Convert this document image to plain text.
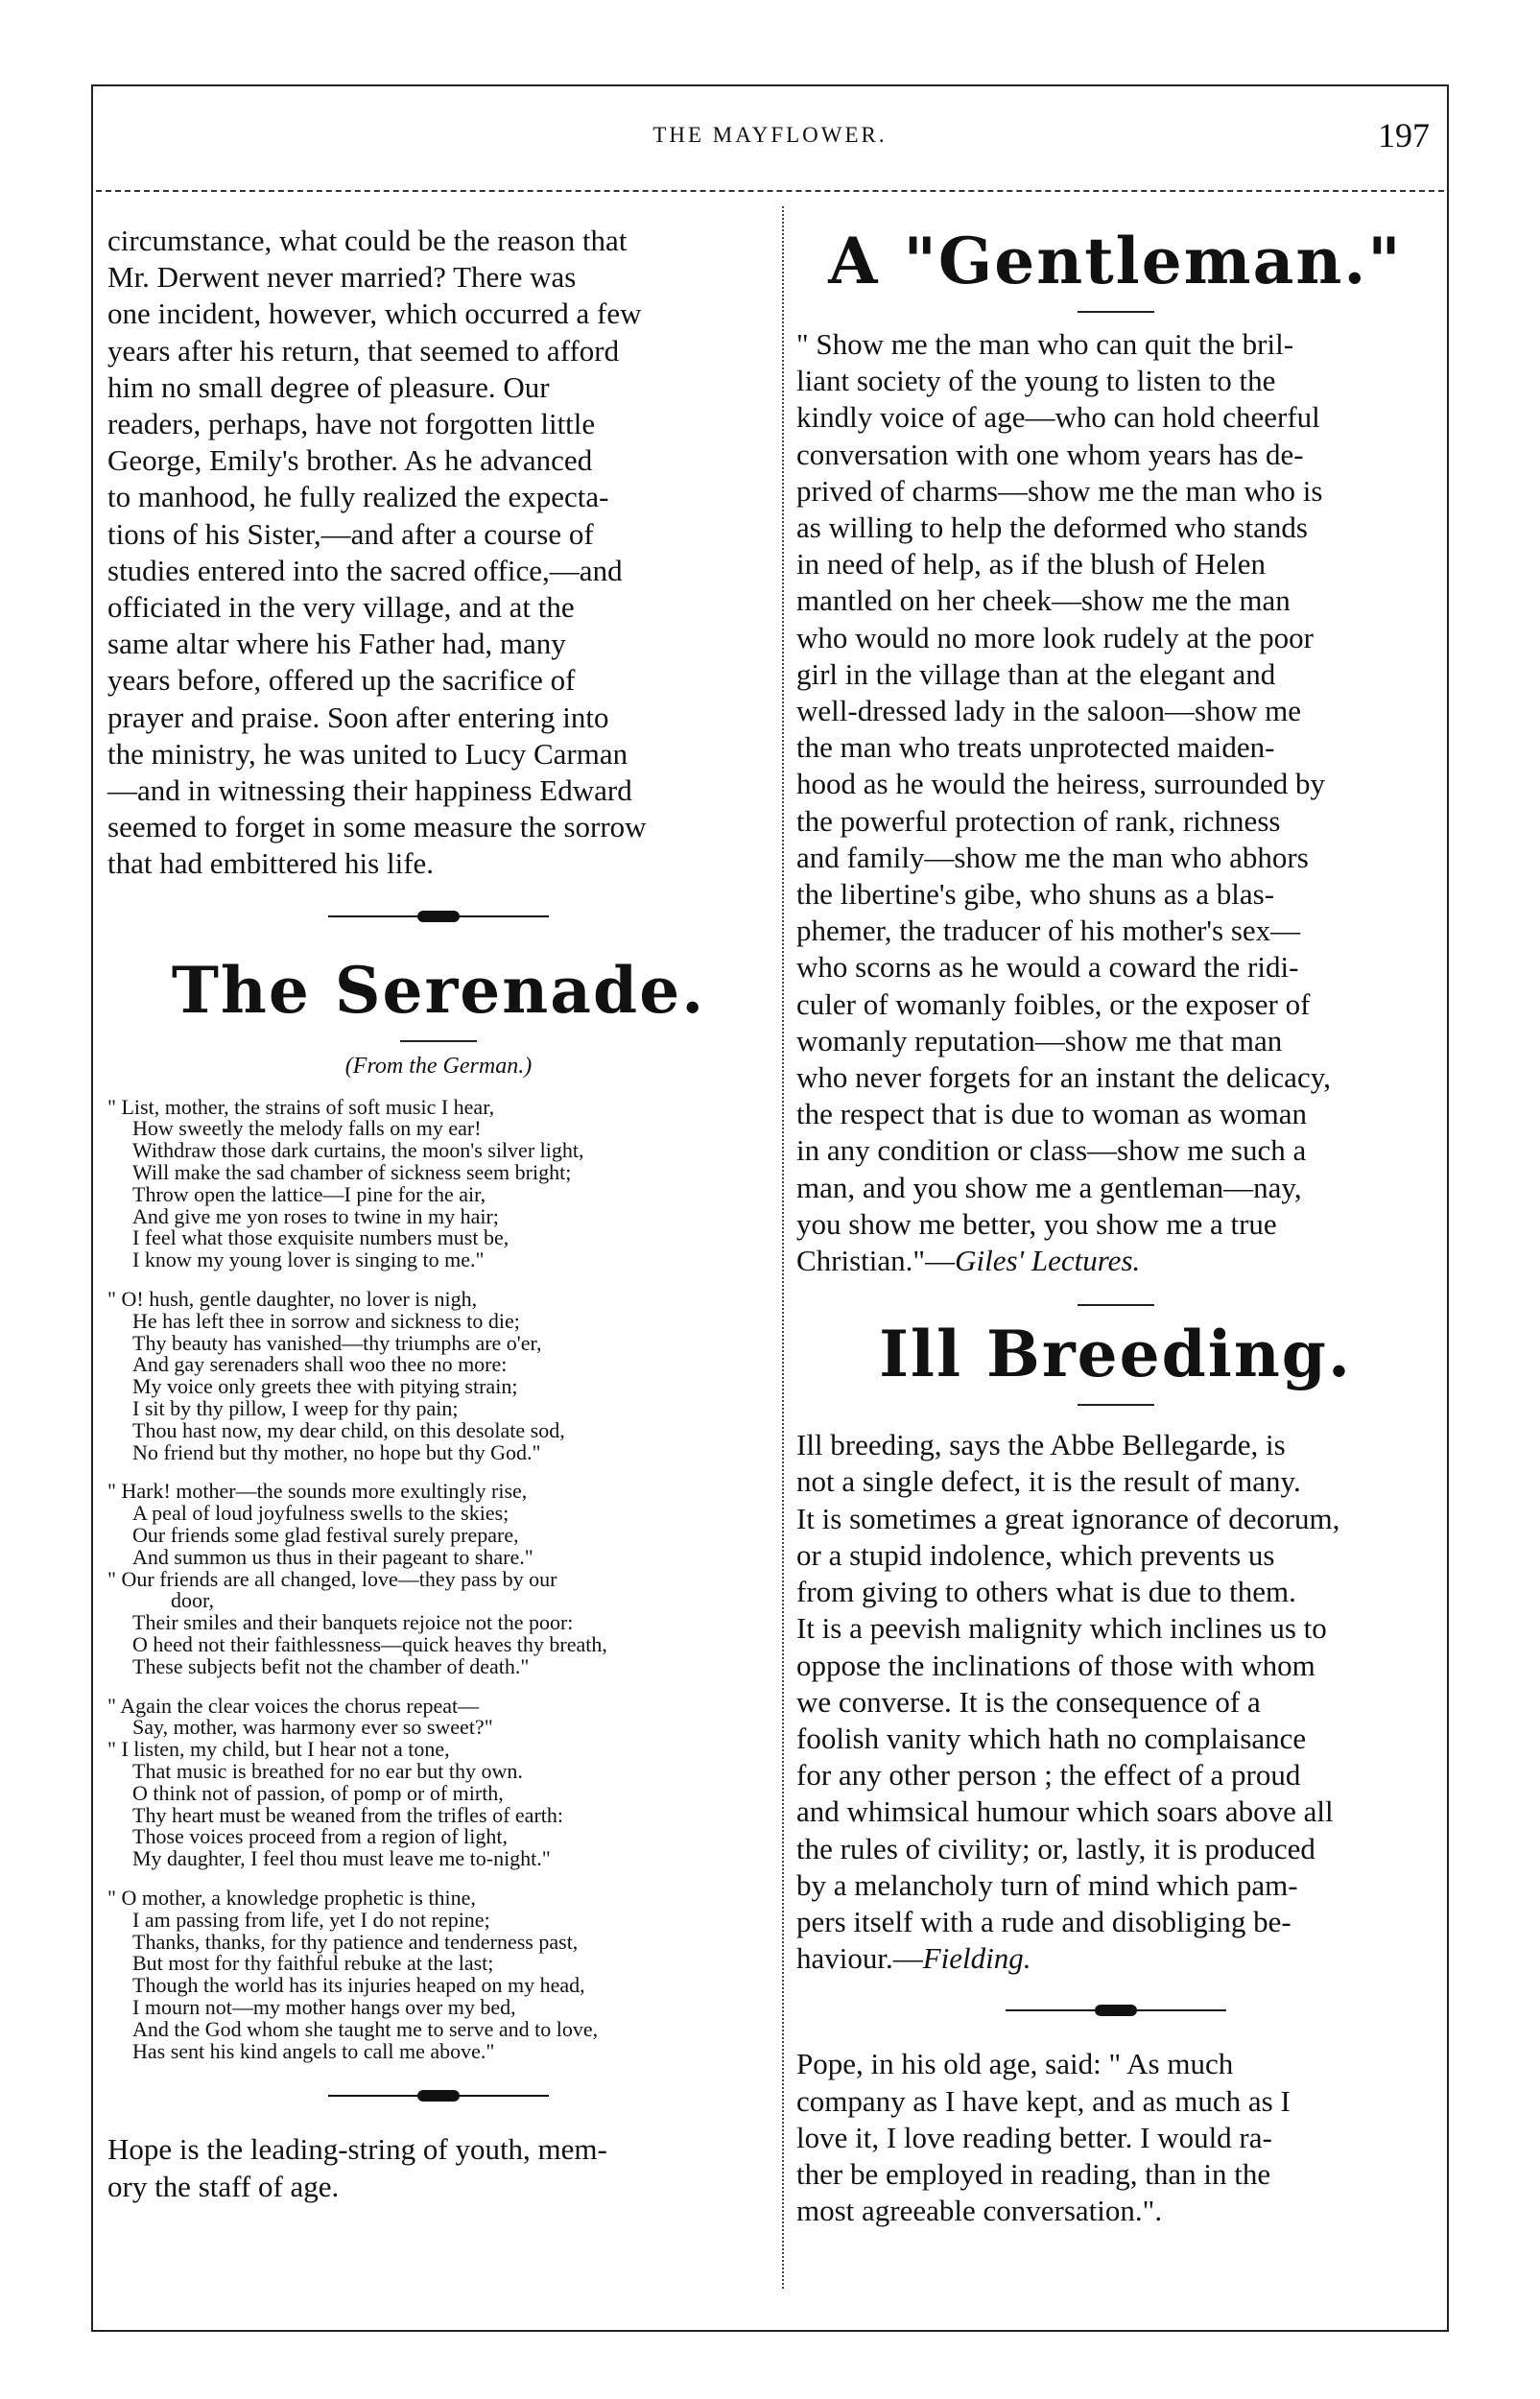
THE MAYFLOWER.	197
circumstance, what could be the reason that
Mr. Derwent never married? There was
one incident, however, which occurred a few
years after his return, that seemed to afford
him no small degree of pleasure. Our
readers, perhaps, have not forgotten little
George, Emily's brother. As he advanced
to manhood, he fully realized the expecta-
tions of his Sister,—and after a course of
studies entered into the sacred office,—and
officiated in the very village, and at the
same altar where his Father had, many
years before, offered up the sacrifice of
prayer and praise. Soon after entering into
the ministry, he was united to Lucy Carman
—and in witnessing their happiness Edward
seemed to forget in some measure the sorrow
that had embittered his life.
The Serenade.
(From the German.)
" List, mother, the strains of soft music I hear,
How sweetly the melody falls on my ear!
Withdraw those dark curtains, the moon's silver light,
Will make the sad chamber of sickness seem bright;
Throw open the lattice—I pine for the air,
And give me yon roses to twine in my hair;
I feel what those exquisite numbers must be,
I know my young lover is singing to me."
" O! hush, gentle daughter, no lover is nigh,
He has left thee in sorrow and sickness to die;
Thy beauty has vanished—thy triumphs are o'er,
And gay serenaders shall woo thee no more:
My voice only greets thee with pitying strain;
I sit by thy pillow, I weep for thy pain;
Thou hast now, my dear child, on this desolate sod,
No friend but thy mother, no hope but thy God."
" Hark! mother—the sounds more exultingly rise,
A peal of loud joyfulness swells to the skies;
Our friends some glad festival surely prepare,
And summon us thus in their pageant to share."
" Our friends are all changed, love—they pass by our
door,
Their smiles and their banquets rejoice not the poor:
O heed not their faithlessness—quick heaves thy breath,
These subjects befit not the chamber of death."
" Again the clear voices the chorus repeat—
Say, mother, was harmony ever so sweet?"
" I listen, my child, but I hear not a tone,
That music is breathed for no ear but thy own.
O think not of passion, of pomp or of mirth,
Thy heart must be weaned from the trifles of earth:
Those voices proceed from a region of light,
My daughter, I feel thou must leave me to-night."
" O mother, a knowledge prophetic is thine,
I am passing from life, yet I do not repine;
Thanks, thanks, for thy patience and tenderness past,
But most for thy faithful rebuke at the last;
Though the world has its injuries heaped on my head,
I mourn not—my mother hangs over my bed,
And the God whom she taught me to serve and to love,
Has sent his kind angels to call me above."
Hope is the leading-string of youth, mem-
ory the staff of age.
A "Gentleman."
" Show me the man who can quit the bril-
liant society of the young to listen to the
kindly voice of age—who can hold cheerful
conversation with one whom years has de-
prived of charms—show me the man who is
as willing to help the deformed who stands
in need of help, as if the blush of Helen
mantled on her cheek—show me the man
who would no more look rudely at the poor
girl in the village than at the elegant and
well-dressed lady in the saloon—show me
the man who treats unprotected maiden-
hood as he would the heiress, surrounded by
the powerful protection of rank, richness
and family—show me the man who abhors
the libertine's gibe, who shuns as a blas-
phemer, the traducer of his mother's sex—
who scorns as he would a coward the ridi-
culer of womanly foibles, or the exposer of
womanly reputation—show me that man
who never forgets for an instant the delicacy,
the respect that is due to woman as woman
in any condition or class—show me such a
man, and you show me a gentleman—nay,
you show me better, you show me a true
Christian."—Giles' Lectures.
Ill Breeding.
Ill breeding, says the Abbe Bellegarde, is
not a single defect, it is the result of many.
It is sometimes a great ignorance of decorum,
or a stupid indolence, which prevents us
from giving to others what is due to them.
It is a peevish malignity which inclines us to
oppose the inclinations of those with whom
we converse. It is the consequence of a
foolish vanity which hath no complaisance
for any other person ; the effect of a proud
and whimsical humour which soars above all
the rules of civility; or, lastly, it is produced
by a melancholy turn of mind which pam-
pers itself with a rude and disobliging be-
haviour.—Fielding.
Pope, in his old age, said: " As much
company as I have kept, and as much as I
love it, I love reading better. I would ra-
ther be employed in reading, than in the
most agreeable conversation.".
